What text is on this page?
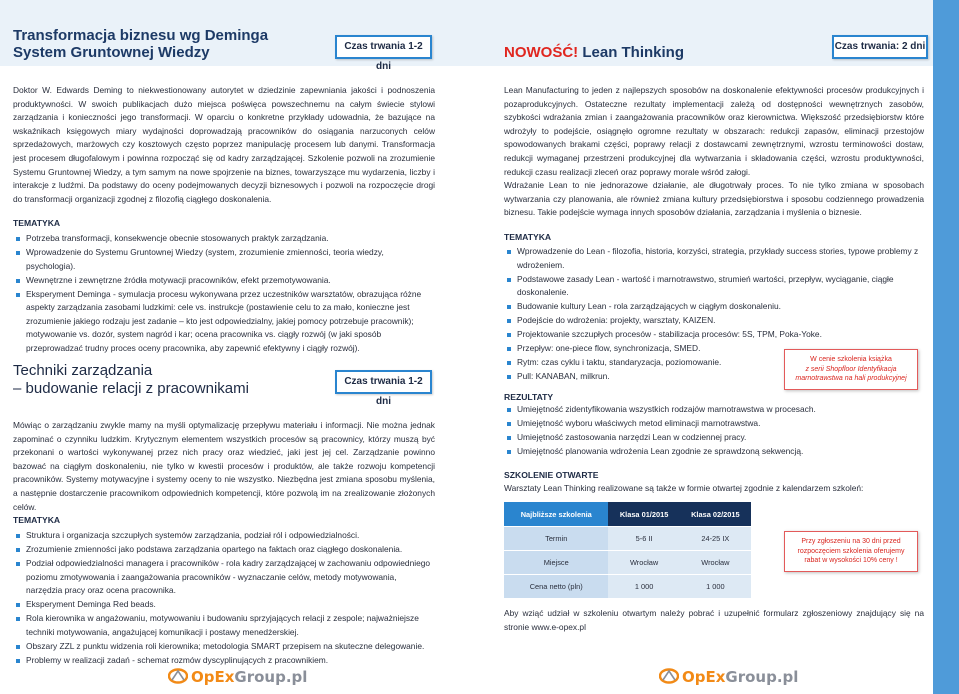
Transformacja biznesu wg Deminga
System Gruntownej Wiedzy	Czas trwania 1-2 dni
Doktor W. Edwards Deming to niekwestionowany autorytet w dziedzinie zapewniania jakości i podnoszenia produktywności. W swoich publikacjach dużo miejsca poświęca powszechnemu na całym świecie stylowi zarządzania i konieczności jego transformacji. W oparciu o konkretne przykłady udowadnia, że bazujące na wskaźnikach księgowych miary wydajności doprowadzają pracowników do osiągania narzuconych celów sprzedażowych, marżowych czy kosztowych często poprzez manipulację procesem lub danymi. Transformacja jest procesem długofalowym i powinna rozpocząć się od kadry zarządzającej. Szkolenie pozwoli na zrozumienie Systemu Gruntownej Wiedzy, a tym samym na nowe spojrzenie na biznes, towarzyszące mu wydarzenia, liczby i interakcje z ludźmi. Da podstawy do oceny podejmowanych decyzji biznesowych i pozwoli na rozpoczęcie drogi do transformacji organizacji zgodnej z filozofią ciągłego doskonalenia.
TEMATYKA
Potrzeba transformacji, konsekwencje obecnie stosowanych praktyk zarządzania.
Wprowadzenie do Systemu Gruntownej Wiedzy (system, zrozumienie zmienności, teoria wiedzy, psychologia).
Wewnętrzne i zewnętrzne źródła motywacji pracowników, efekt przemotywowania.
Eksperyment Deminga - symulacja procesu wykonywana przez uczestników warsztatów, obrazująca różne aspekty zarządzania zasobami ludzkimi: cele vs. instrukcje (postawienie celu to za mało, konieczne jest zrozumienie jakiego rodzaju jest zadanie – kto jest odpowiedzialny, jakiej pomocy potrzebuje pracownik); motywowanie vs. dozór, system nagród i kar; ocena pracownika vs. ciągły rozwój (w jaki sposób przeprowadzać trudny proces oceny pracownika, aby zapewnić efektywny i ciągły rozwój).
Techniki zarządzania
– budowanie relacji z pracownikami	Czas trwania 1-2 dni
Mówiąc o zarządzaniu zwykle mamy na myśli optymalizację przepływu materiału i informacji. Nie można jednak zapominać o czynniku ludzkim. Krytycznym elementem wszystkich procesów są pracownicy, którzy muszą być przekonani o wartości wykonywanej przez nich pracy oraz wiedzieć, jaki jest jej cel. Zarządzanie powinno bazować na ciągłym doskonaleniu, nie tylko w kwestii procesów i produktów, ale także rozwoju kompetencji pracowników. Systemy motywacyjne i systemy oceny to nie wszystko. Niezbędna jest zmiana sposobu myślenia, a następnie dostarczenie pracownikom odpowiednich kompetencji, które pozwolą im na zrealizowanie złożonych celów.
TEMATYKA
Struktura i organizacja szczupłych systemów zarządzania, podział ról i odpowiedzialności.
Zrozumienie zmienności jako podstawa zarządzania opartego na faktach oraz ciągłego doskonalenia.
Podział odpowiedzialności managera i pracowników - rola kadry zarządzającej w zachowaniu odpowiedniego poziomu zmotywowania i zaangażowania pracowników - wyznaczanie celów, metody motywowania, narzędzia pracy oraz ocena pracownika.
Eksperyment Deminga Red beads.
Rola kierownika w angażowaniu, motywowaniu i budowaniu sprzyjających relacji z zespole; najważniejsze techniki motywowania, angażującej komunikacji i postawy menedżerskiej.
Obszary ZZL z punktu widzenia roli kierownika; metodologia SMART przepisem na skuteczne delegowanie.
Problemy w realizacji zadań - schemat rozmów dyscyplinujących z pracownikiem.
OpExGroup.pl
NOWOŚĆ! Lean Thinking	Czas trwania: 2 dni
Lean Manufacturing to jeden z najlepszych sposobów na doskonalenie efektywności procesów produkcyjnych i pozaprodukcyjnych. Ostateczne rezultaty implementacji zależą od dostępności wewnętrznych zasobów, szybkości wdrażania zmian i zaangażowania pracowników oraz kierownictwa. Większość przedsiębiorstw które wdrożyły to podejście, osiągnęło ogromne rezultaty w obszarach: redukcji zapasów, eliminacji przestojów spowodowanych brakami części, poprawy relacji z dostawcami zewnętrznymi, wzrostu terminowości dostaw, redukcji wymaganej przestrzeni produkcyjnej dla wytwarzania i składowania części, wzrostu produktywności, redukcji czasu realizacji zleceń oraz poprawy morale wśród załogi.
Wdrażanie Lean to nie jednorazowe działanie, ale długotrwały proces. To nie tylko zmiana w sposobach wytwarzania czy planowania, ale również zmiana kultury przedsiębiorstwa i sposobu codziennego prowadzenia biznesu. Takie podejście wymaga innych sposobów działania, zarządzania i myślenia o biznesie.
TEMATYKA
Wprowadzenie do Lean - filozofia, historia, korzyści, strategia, przykłady success stories, typowe problemy z wdrożeniem.
Podstawowe zasady Lean - wartość i marnotrawstwo, strumień wartości, przepływ, wyciąganie, ciągłe doskonalenie.
Budowanie kultury Lean - rola zarządzających w ciągłym doskonaleniu.
Podejście do wdrożenia: projekty, warsztaty, KAIZEN.
Projektowanie szczupłych procesów - stabilizacja procesów: 5S, TPM, Poka-Yoke.
Przepływ: one-piece flow, synchronizacja, SMED.
Rytm: czas cyklu i taktu, standaryzacja, poziomowanie.
Pull: KANABAN, milkrun.
W cenie szkolenia książka
z serii Shopfloor Identyfikacja
marnotrawstwa na hali produkcyjnej
REZULTATY
Umiejętność zidentyfikowania wszystkich rodzajów marnotrawstwa w procesach.
Umiejętność wyboru właściwych metod eliminacji marnotrawstwa.
Umiejętność zastosowania narzędzi Lean w codziennej pracy.
Umiejętność planowania wdrożenia Lean zgodnie ze sprawdzoną sekwencją.
SZKOLENIE OTWARTE
Warsztaty Lean Thinking realizowane są także w formie otwartej zgodnie z kalendarzem szkoleń:
Najbliższe szkolenia	Klasa 01/2015	Klasa 02/2015
Termin	5-6 II	24-25 IX
Miejsce	Wrocław	Wrocław
Cena netto (pln)	1 000	1 000
Przy zgłoszeniu na 30 dni przed
rozpoczęciem szkolenia oferujemy
rabat w wysokości 10% ceny !
Aby wziąć udział w szkoleniu otwartym należy pobrać i uzupełnić formularz zgłoszeniowy znajdujący się na stronie www.e-opex.pl
OpExGroup.pl
